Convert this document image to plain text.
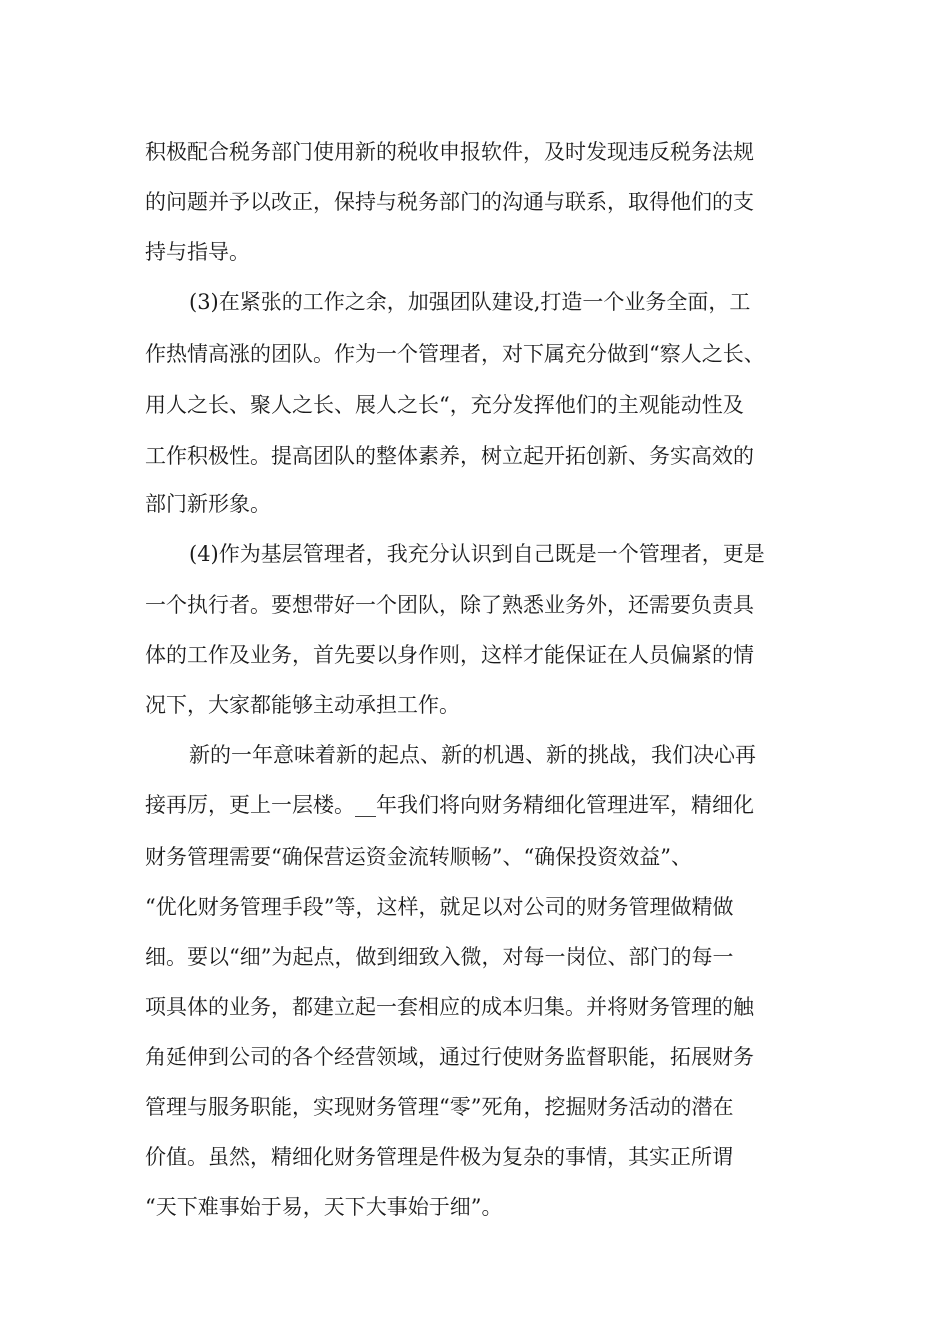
积极配合税务部门使用新的税收申报软件，及时发现违反税务法规
的问题并予以改正，保持与税务部门的沟通与联系，取得他们的支
持与指导。
(3)在紧张的工作之余，加强团队建设,打造一个业务全面，工
作热情高涨的团队。作为一个管理者，对下属充分做到“察人之长、
用人之长、聚人之长、展人之长“，充分发挥他们的主观能动性及
工作积极性。提高团队的整体素养，树立起开拓创新、务实高效的
部门新形象。
(4)作为基层管理者，我充分认识到自己既是一个管理者，更是
一个执行者。要想带好一个团队，除了熟悉业务外，还需要负责具
体的工作及业务，首先要以身作则，这样才能保证在人员偏紧的情
况下，大家都能够主动承担工作。
新的一年意味着新的起点、新的机遇、新的挑战，我们决心再
接再厉，更上一层楼。__年我们将向财务精细化管理进军，精细化
财务管理需要“确保营运资金流转顺畅”、“确保投资效益”、
“优化财务管理手段”等，这样，就足以对公司的财务管理做精做
细。要以“细”为起点，做到细致入微，对每一岗位、部门的每一
项具体的业务，都建立起一套相应的成本归集。并将财务管理的触
角延伸到公司的各个经营领域，通过行使财务监督职能，拓展财务
管理与服务职能，实现财务管理“零”死角，挖掘财务活动的潜在
价值。虽然，精细化财务管理是件极为复杂的事情，其实正所谓
“天下难事始于易，天下大事始于细”。
